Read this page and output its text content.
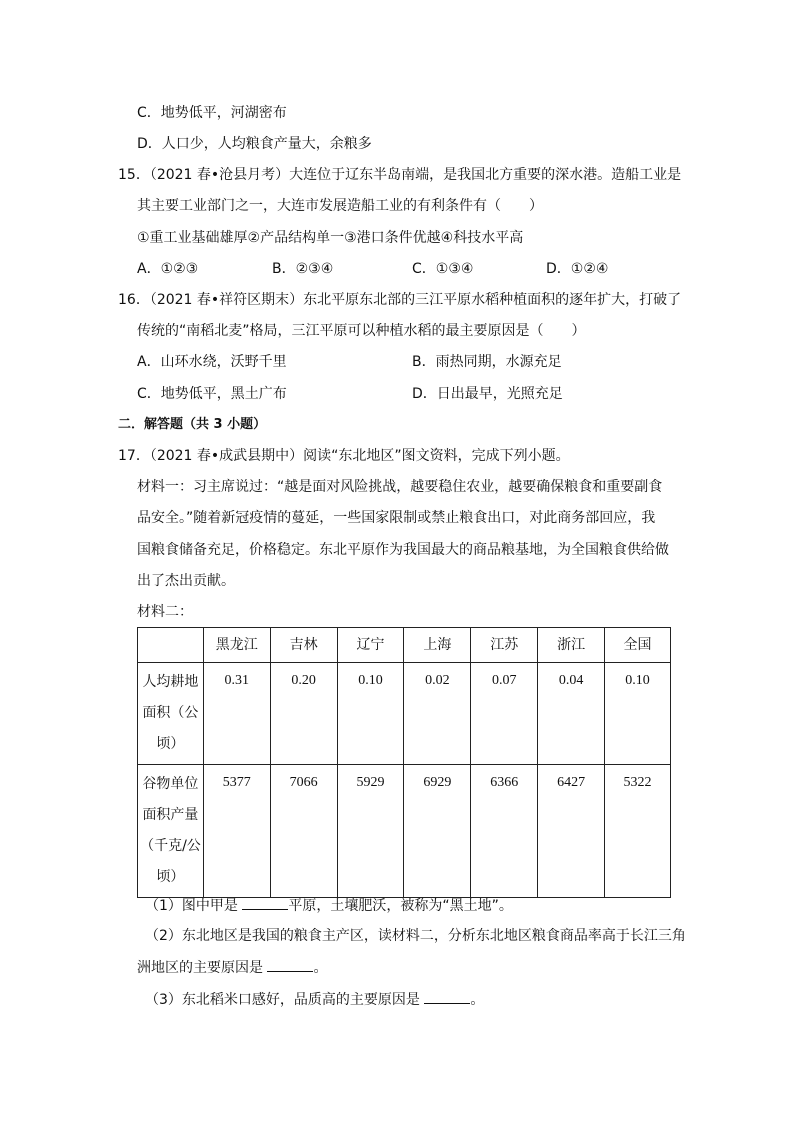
C．地势低平，河湖密布
D．人口少，人均粮食产量大，余粮多
15．（2021 春•沧县月考）大连位于辽东半岛南端，是我国北方重要的深水港。造船工业是
其主要工业部门之一，大连市发展造船工业的有利条件有（　　）
①重工业基础雄厚②产品结构单一③港口条件优越④科技水平高
A．①②③	B．②③④	C．①③④	D．①②④
16．（2021 春•祥符区期末）东北平原东北部的三江平原水稻种植面积的逐年扩大，打破了
传统的“南稻北麦”格局，三江平原可以种植水稻的最主要原因是（　　）
A．山环水绕，沃野千里	B．雨热同期，水源充足
C．地势低平，黑土广布	D．日出最早，光照充足
二．解答题（共 3 小题）
17．（2021 春•成武县期中）阅读“东北地区”图文资料，完成下列小题。
材料一：习主席说过：“越是面对风险挑战，越要稳住农业，越要确保粮食和重要副食
品安全。”随着新冠疫情的蔓延，一些国家限制或禁止粮食出口，对此商务部回应，我
国粮食储备充足，价格稳定。东北平原作为我国最大的商品粮基地，为全国粮食供给做
出了杰出贡献。
材料二：
	黑龙江	吉林	辽宁	上海	江苏	浙江	全国

人均耕地
面积（公
顷）	0.31	0.20	0.10	0.02	0.07	0.04	0.10

谷物单位
面积产量
（千克/公
顷）	5377	7066	5929	6929	6366	6427	5322
（1）图中甲是	平原，土壤肥沃，被称为“黑土地”。
（2）东北地区是我国的粮食主产区，读材料二，分析东北地区粮食商品率高于长江三角
洲地区的主要原因是	。
（3）东北稻米口感好，品质高的主要原因是	。
